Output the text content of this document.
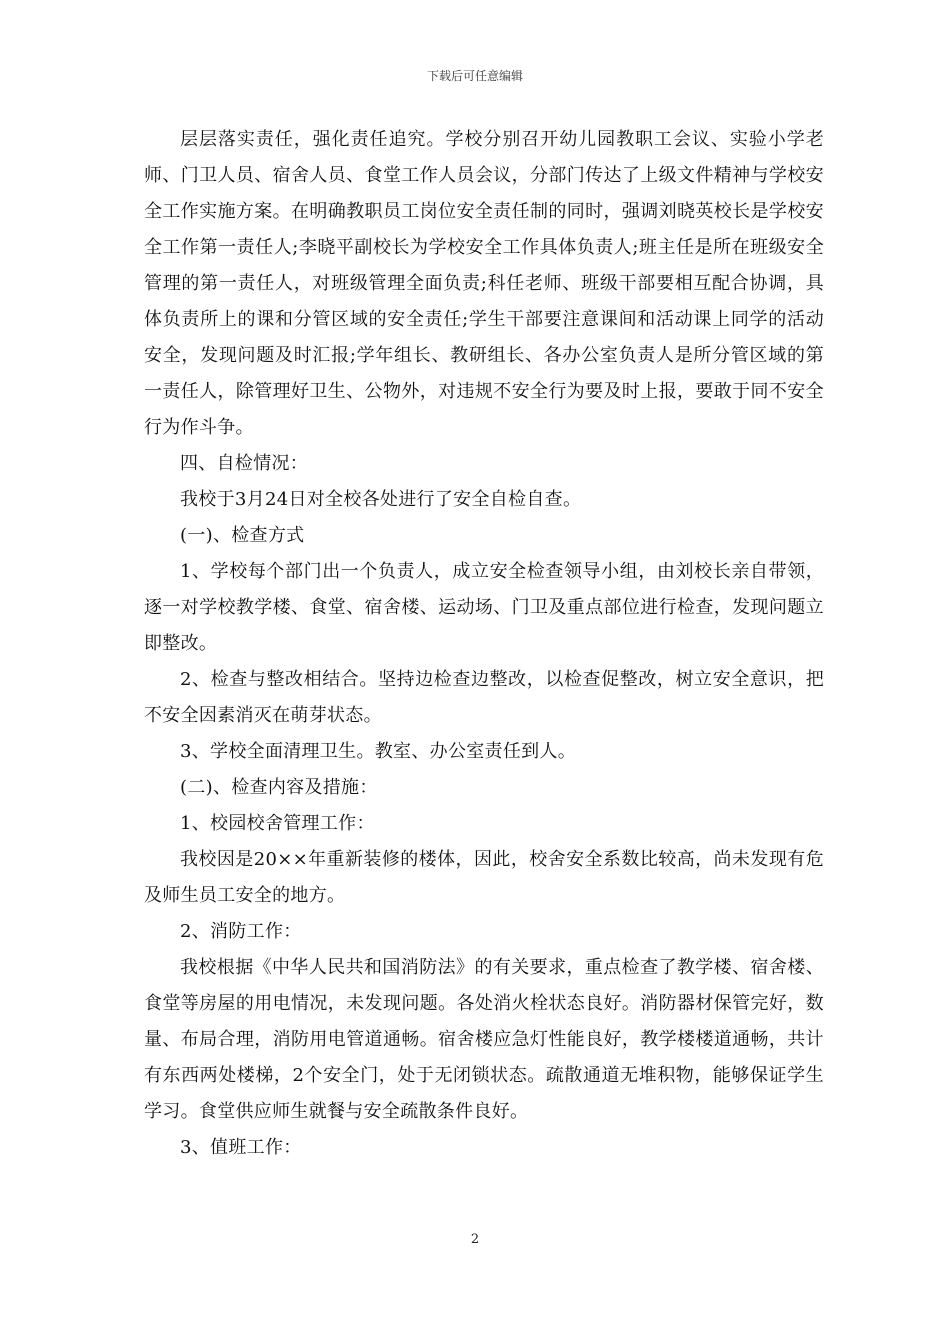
下载后可任意编辑

层层落实责任，强化责任追究。学校分别召开幼儿园教职工会议、实验小学老师、门卫人员、宿舍人员、食堂工作人员会议，分部门传达了上级文件精神与学校安全工作实施方案。在明确教职员工岗位安全责任制的同时，强调刘晓英校长是学校安全工作第一责任人;李晓平副校长为学校安全工作具体负责人;班主任是所在班级安全管理的第一责任人，对班级管理全面负责;科任老师、班级干部要相互配合协调，具体负责所上的课和分管区域的安全责任;学生干部要注意课间和活动课上同学的活动安全，发现问题及时汇报;学年组长、教研组长、各办公室负责人是所分管区域的第一责任人，除管理好卫生、公物外，对违规不安全行为要及时上报，要敢于同不安全行为作斗争。

四、自检情况：

我校于3月24日对全校各处进行了安全自检自查。

(一)、检查方式

1、学校每个部门出一个负责人，成立安全检查领导小组，由刘校长亲自带领，逐一对学校教学楼、食堂、宿舍楼、运动场、门卫及重点部位进行检查，发现问题立即整改。

2、检查与整改相结合。坚持边检查边整改，以检查促整改，树立安全意识，把不安全因素消灭在萌芽状态。

3、学校全面清理卫生。教室、办公室责任到人。

(二)、检查内容及措施：

1、校园校舍管理工作：

我校因是20××年重新装修的楼体，因此，校舍安全系数比较高，尚未发现有危及师生员工安全的地方。

2、消防工作：

我校根据《中华人民共和国消防法》的有关要求，重点检查了教学楼、宿舍楼、食堂等房屋的用电情况，未发现问题。各处消火栓状态良好。消防器材保管完好，数量、布局合理，消防用电管道通畅。宿舍楼应急灯性能良好，教学楼楼道通畅，共计有东西两处楼梯，2个安全门，处于无闭锁状态。疏散通道无堆积物，能够保证学生学习。食堂供应师生就餐与安全疏散条件良好。

3、值班工作：

2
